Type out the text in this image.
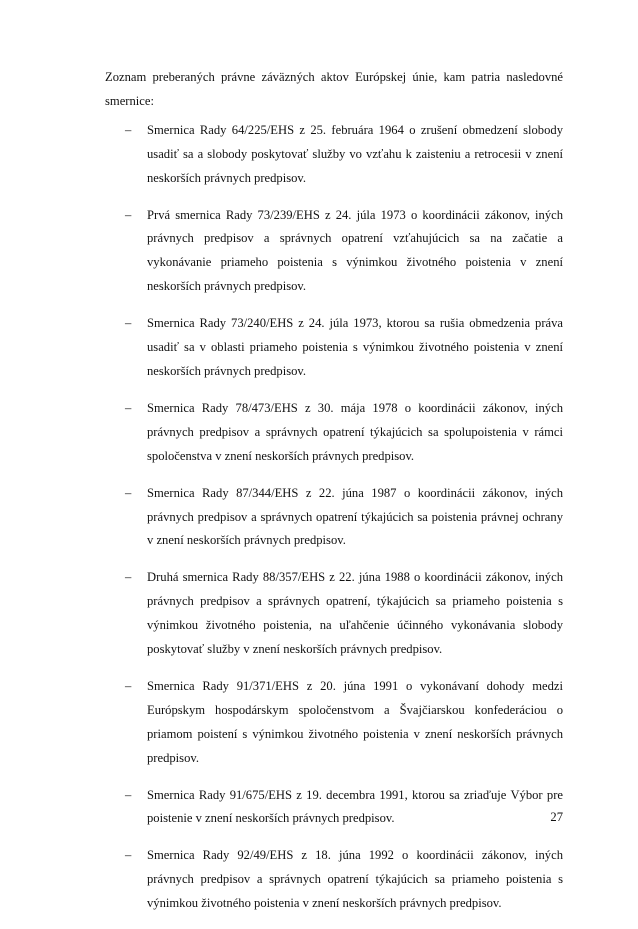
Zoznam preberaných právne záväzných aktov Európskej únie, kam patria nasledovné smernice:

– Smernica Rady 64/225/EHS z 25. februára 1964 o zrušení obmedzení slobody usadiť sa a slobody poskytovať služby vo vzťahu k zaisteniu a retrocesii v znení neskorších právnych predpisov.
– Prvá smernica Rady 73/239/EHS z 24. júla 1973 o koordinácii zákonov, iných právnych predpisov a správnych opatrení vzťahujúcich sa na začatie a vykonávanie priameho poistenia s výnimkou životného poistenia v znení neskorších právnych predpisov.
– Smernica Rady 73/240/EHS z 24. júla 1973, ktorou sa rušia obmedzenia práva usadiť sa v oblasti priameho poistenia s výnimkou životného poistenia v znení neskorších právnych predpisov.
– Smernica Rady 78/473/EHS z 30. mája 1978 o koordinácii zákonov, iných právnych predpisov a správnych opatrení týkajúcich sa spolupoistenia v rámci spoločenstva v znení neskorších právnych predpisov.
– Smernica Rady 87/344/EHS z 22. júna 1987 o koordinácii zákonov, iných právnych predpisov a správnych opatrení týkajúcich sa poistenia právnej ochrany v znení neskorších právnych predpisov.
– Druhá smernica Rady 88/357/EHS z 22. júna 1988 o koordinácii zákonov, iných právnych predpisov a správnych opatrení, týkajúcich sa priameho poistenia s výnimkou životného poistenia, na uľahčenie účinného vykonávania slobody poskytovať služby v znení neskorších právnych predpisov.
– Smernica Rady 91/371/EHS z 20. júna 1991 o vykonávaní dohody medzi Európskym hospodárskym spoločenstvom a Švajčiarskou konfederáciou o priamom poistení s výnimkou životného poistenia v znení neskorších právnych predpisov.
– Smernica Rady 91/675/EHS z 19. decembra 1991, ktorou sa zriaďuje Výbor pre poistenie v znení neskorších právnych predpisov.
– Smernica Rady 92/49/EHS z 18. júna 1992 o koordinácii zákonov, iných právnych predpisov a správnych opatrení týkajúcich sa priameho poistenia s výnimkou životného poistenia v znení neskorších právnych predpisov.
27
